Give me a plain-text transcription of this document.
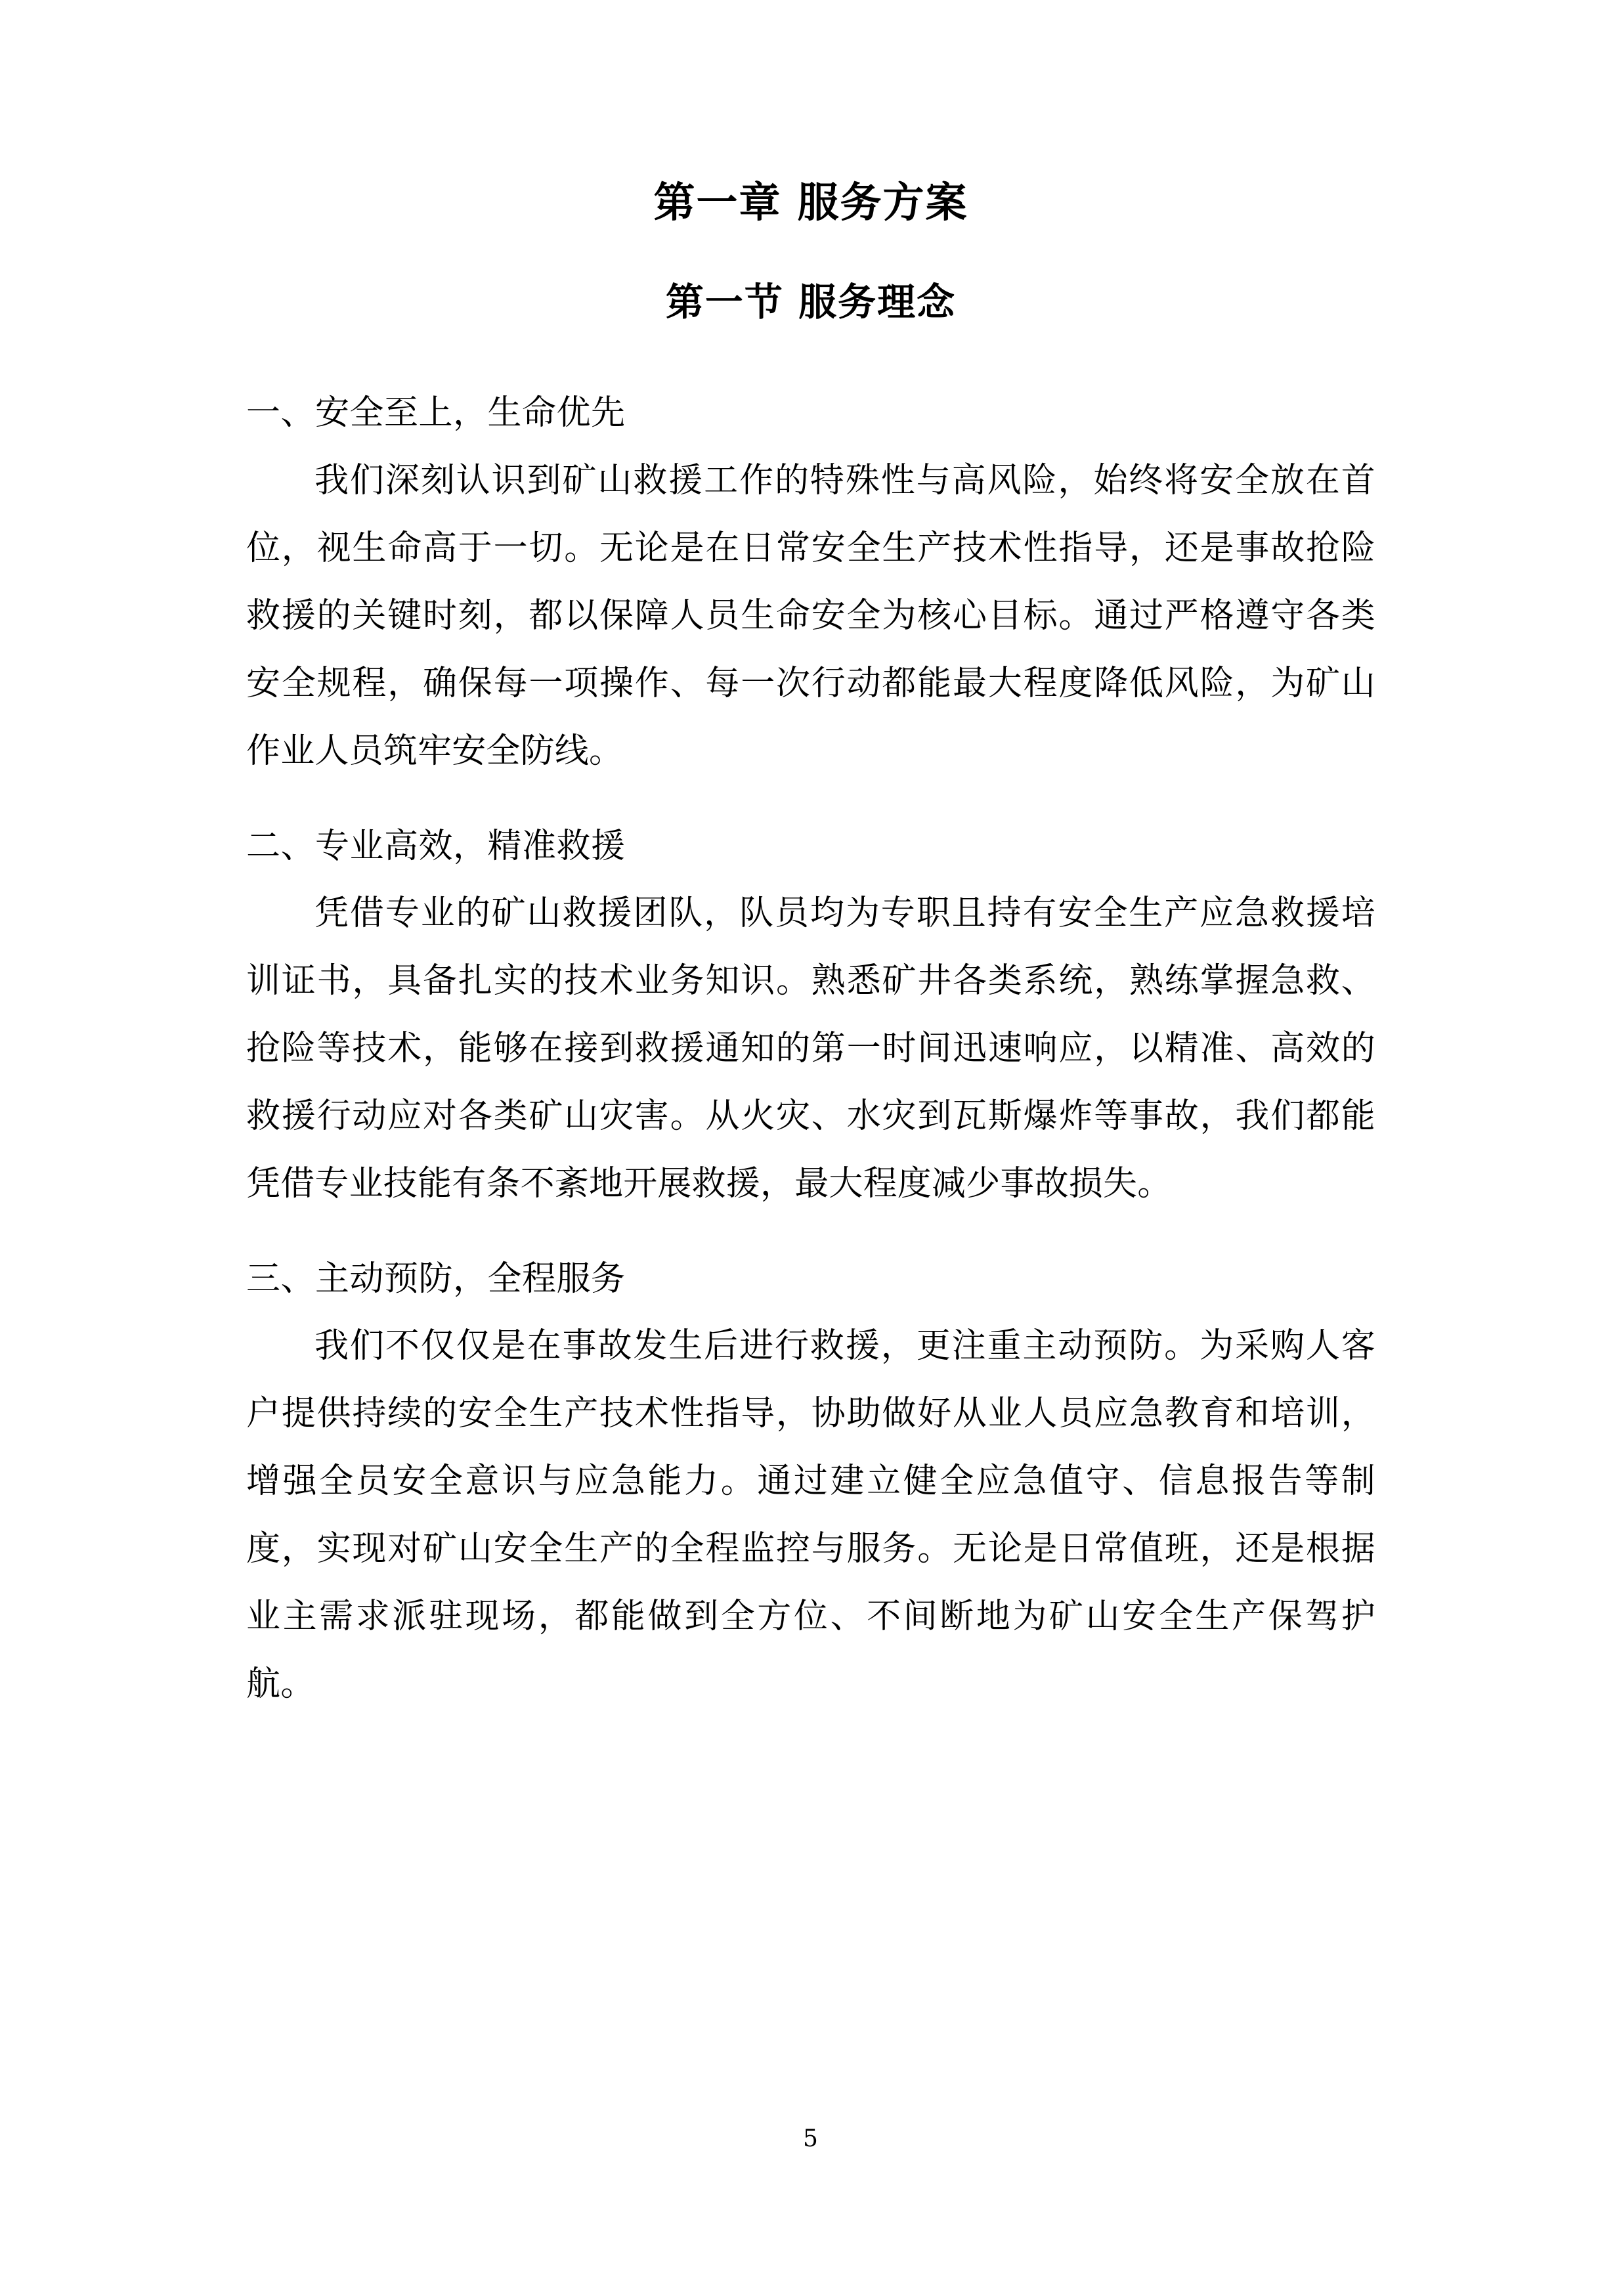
第一章 服务方案
第一节 服务理念
一、安全至上，生命优先

我们深刻认识到矿山救援工作的特殊性与高风险，始终将安全放在首位，视生命高于一切。无论是在日常安全生产技术性指导，还是事故抢险救援的关键时刻，都以保障人员生命安全为核心目标。通过严格遵守各类安全规程，确保每一项操作、每一次行动都能最大程度降低风险，为矿山作业人员筑牢安全防线。

二、专业高效，精准救援

凭借专业的矿山救援团队，队员均为专职且持有安全生产应急救援培训证书，具备扎实的技术业务知识。熟悉矿井各类系统，熟练掌握急救、抢险等技术，能够在接到救援通知的第一时间迅速响应，以精准、高效的救援行动应对各类矿山灾害。从火灾、水灾到瓦斯爆炸等事故，我们都能凭借专业技能有条不紊地开展救援，最大程度减少事故损失。

三、主动预防，全程服务

我们不仅仅是在事故发生后进行救援，更注重主动预防。为采购人客户提供持续的安全生产技术性指导，协助做好从业人员应急教育和培训，增强全员安全意识与应急能力。通过建立健全应急值守、信息报告等制度，实现对矿山安全生产的全程监控与服务。无论是日常值班，还是根据业主需求派驻现场，都能做到全方位、不间断地为矿山安全生产保驾护航。

5
